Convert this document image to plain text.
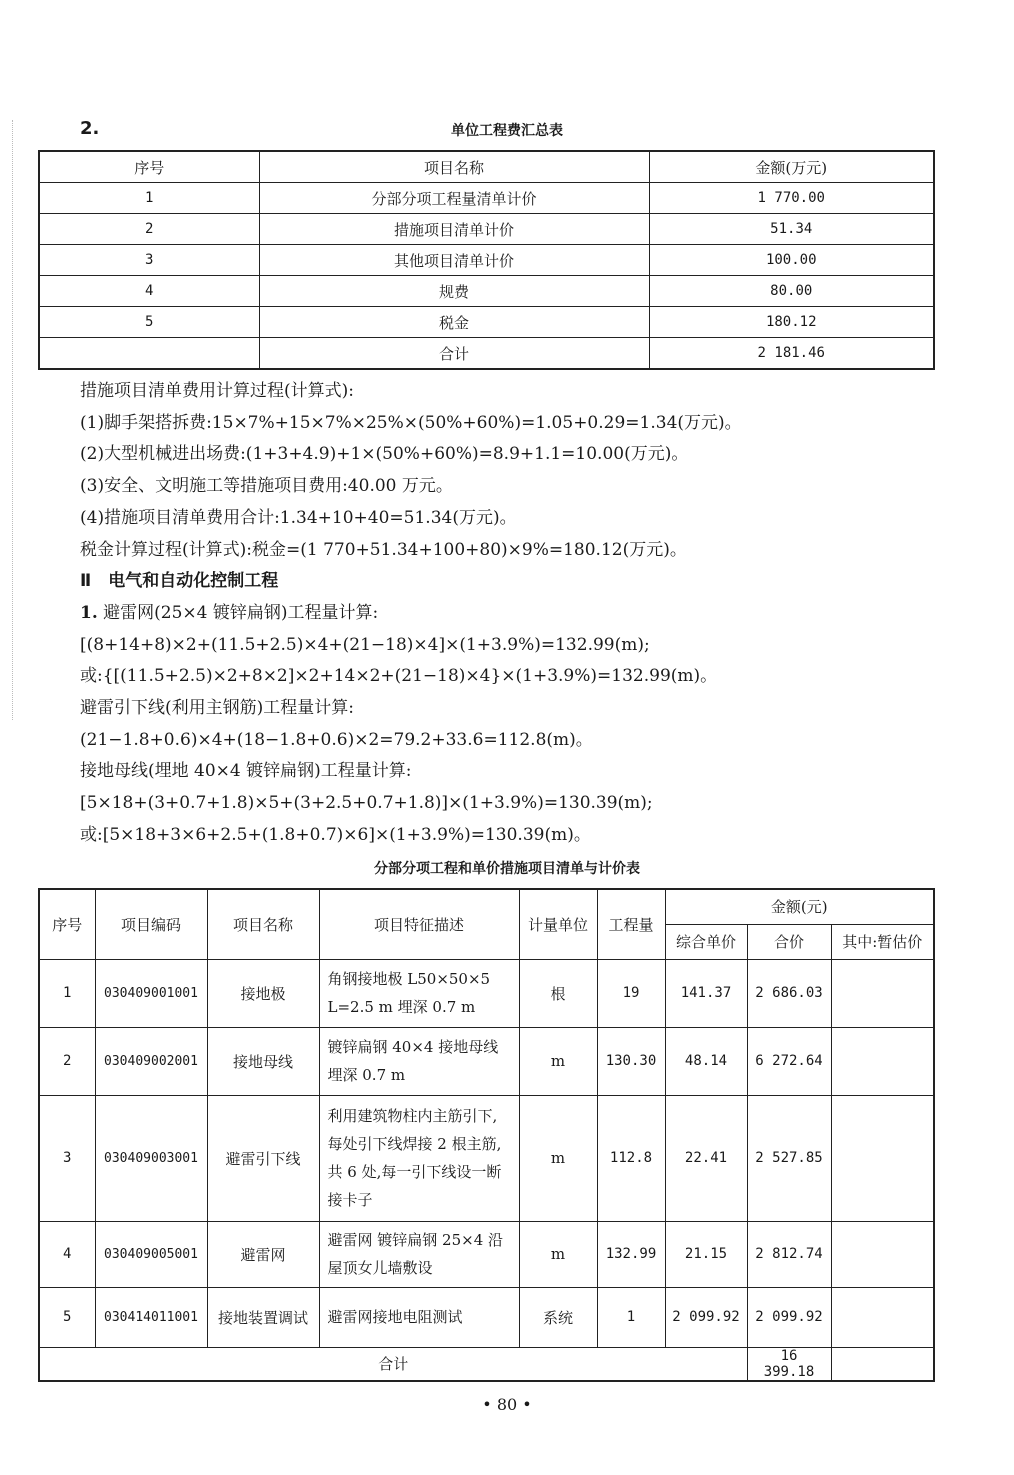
2.	单位工程费汇总表
序号	项目名称	金额(万元)
1	分部分项工程量清单计价	1 770.00
2	措施项目清单计价	51.34
3	其他项目清单计价	100.00
4	规费	80.00
5	税金	180.12
	合计	2 181.46
措施项目清单费用计算过程(计算式):
(1)脚手架搭拆费:15×7%+15×7%×25%×(50%+60%)=1.05+0.29=1.34(万元)。
(2)大型机械进出场费:(1+3+4.9)+1×(50%+60%)=8.9+1.1=10.00(万元)。
(3)安全、文明施工等措施项目费用:40.00 万元。
(4)措施项目清单费用合计:1.34+10+40=51.34(万元)。
税金计算过程(计算式):税金=(1 770+51.34+100+80)×9%=180.12(万元)。
Ⅱ　电气和自动化控制工程
1. 避雷网(25×4 镀锌扁钢)工程量计算:
[(8+14+8)×2+(11.5+2.5)×4+(21−18)×4]×(1+3.9%)=132.99(m);
或:{[(11.5+2.5)×2+8×2]×2+14×2+(21−18)×4}×(1+3.9%)=132.99(m)。
避雷引下线(利用主钢筋)工程量计算:
(21−1.8+0.6)×4+(18−1.8+0.6)×2=79.2+33.6=112.8(m)。
接地母线(埋地 40×4 镀锌扁钢)工程量计算:
[5×18+(3+0.7+1.8)×5+(3+2.5+0.7+1.8)]×(1+3.9%)=130.39(m);
或:[5×18+3×6+2.5+(1.8+0.7)×6]×(1+3.9%)=130.39(m)。
分部分项工程和单价措施项目清单与计价表
序号	项目编码	项目名称	项目特征描述	计量单位	工程量	金额(元)		
						综合单价	合价	其中:暂估价
1	030409001001	接地极	角钢接地极 L50×50×5 L=2.5 m 埋深 0.7 m	根	19	141.37	2 686.03	
2	030409002001	接地母线	镀锌扁钢 40×4 接地母线埋深 0.7 m	m	130.30	48.14	6 272.64	
3	030409003001	避雷引下线	利用建筑物柱内主筋引下,每处引下线焊接 2 根主筋,共 6 处,每一引下线设一断接卡子	m	112.8	22.41	2 527.85	
4	030409005001	避雷网	避雷网 镀锌扁钢 25×4 沿屋顶女儿墙敷设	m	132.99	21.15	2 812.74	
5	030414011001	接地装置调试	避雷网接地电阻测试	系统	1	2 099.92	2 099.92	
合计							16 399.18	
• 80 •
